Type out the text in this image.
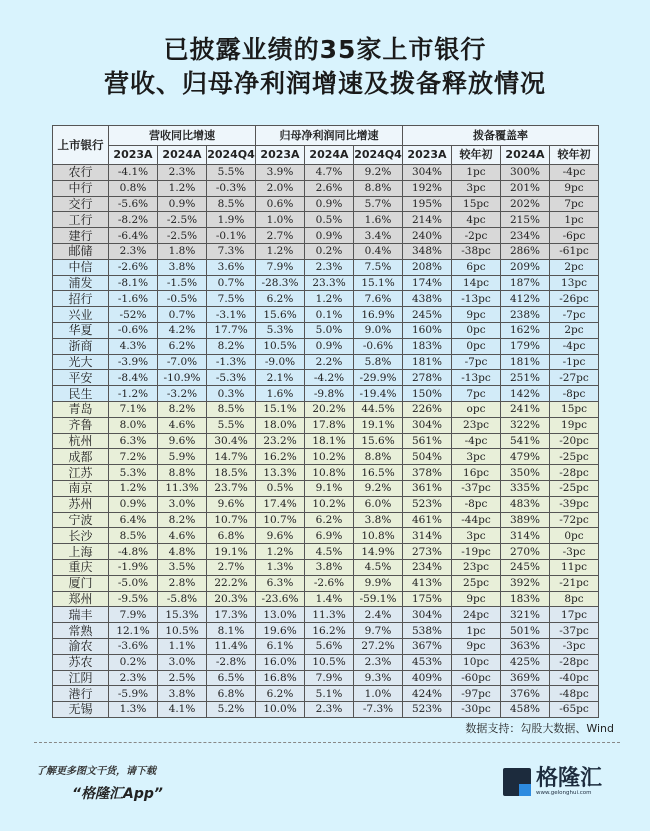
已披露业绩的35家上市银行
营收、归母净利润增速及拨备释放情况
上市银行	营收同比增速			归母净利润同比增速			拨备覆盖率			
	2023A	2024A	2024Q4	2023A	2024A	2024Q4	2023A	较年初	2024A	较年初
农行	-4.1%	2.3%	5.5%	3.9%	4.7%	9.2%	304%	1pc	300%	-4pc
中行	0.8%	1.2%	-0.3%	2.0%	2.6%	8.8%	192%	3pc	201%	9pc
交行	-5.6%	0.9%	8.5%	0.6%	0.9%	5.7%	195%	15pc	202%	7pc
工行	-8.2%	-2.5%	1.9%	1.0%	0.5%	1.6%	214%	4pc	215%	1pc
建行	-6.4%	-2.5%	-0.1%	2.7%	0.9%	3.4%	240%	-2pc	234%	-6pc
邮储	2.3%	1.8%	7.3%	1.2%	0.2%	0.4%	348%	-38pc	286%	-61pc
中信	-2.6%	3.8%	3.6%	7.9%	2.3%	7.5%	208%	6pc	209%	2pc
浦发	-8.1%	-1.5%	0.7%	-28.3%	23.3%	15.1%	174%	14pc	187%	13pc
招行	-1.6%	-0.5%	7.5%	6.2%	1.2%	7.6%	438%	-13pc	412%	-26pc
兴业	-52%	0.7%	-3.1%	15.6%	0.1%	16.9%	245%	9pc	238%	-7pc
华夏	-0.6%	4.2%	17.7%	5.3%	5.0%	9.0%	160%	0pc	162%	2pc
浙商	4.3%	6.2%	8.2%	10.5%	0.9%	-0.6%	183%	0pc	179%	-4pc
光大	-3.9%	-7.0%	-1.3%	-9.0%	2.2%	5.8%	181%	-7pc	181%	-1pc
平安	-8.4%	-10.9%	-5.3%	2.1%	-4.2%	-29.9%	278%	-13pc	251%	-27pc
民生	-1.2%	-3.2%	0.3%	1.6%	-9.8%	-19.4%	150%	7pc	142%	-8pc
青岛	7.1%	8.2%	8.5%	15.1%	20.2%	44.5%	226%	opc	241%	15pc
齐鲁	8.0%	4.6%	5.5%	18.0%	17.8%	19.1%	304%	23pc	322%	19pc
杭州	6.3%	9.6%	30.4%	23.2%	18.1%	15.6%	561%	-4pc	541%	-20pc
成都	7.2%	5.9%	14.7%	16.2%	10.2%	8.8%	504%	3pc	479%	-25pc
江苏	5.3%	8.8%	18.5%	13.3%	10.8%	16.5%	378%	16pc	350%	-28pc
南京	1.2%	11.3%	23.7%	0.5%	9.1%	9.2%	361%	-37pc	335%	-25pc
苏州	0.9%	3.0%	9.6%	17.4%	10.2%	6.0%	523%	-8pc	483%	-39pc
宁波	6.4%	8.2%	10.7%	10.7%	6.2%	3.8%	461%	-44pc	389%	-72pc
长沙	8.5%	4.6%	6.8%	9.6%	6.9%	10.8%	314%	3pc	314%	0pc
上海	-4.8%	4.8%	19.1%	1.2%	4.5%	14.9%	273%	-19pc	270%	-3pc
重庆	-1.9%	3.5%	2.7%	1.3%	3.8%	4.5%	234%	23pc	245%	11pc
厦门	-5.0%	2.8%	22.2%	6.3%	-2.6%	9.9%	413%	25pc	392%	-21pc
郑州	-9.5%	-5.8%	20.3%	-23.6%	1.4%	-59.1%	175%	9pc	183%	8pc
瑞丰	7.9%	15.3%	17.3%	13.0%	11.3%	2.4%	304%	24pc	321%	17pc
常熟	12.1%	10.5%	8.1%	19.6%	16.2%	9.7%	538%	1pc	501%	-37pc
渝农	-3.6%	1.1%	11.4%	6.1%	5.6%	27.2%	367%	9pc	363%	-3pc
苏农	0.2%	3.0%	-2.8%	16.0%	10.5%	2.3%	453%	10pc	425%	-28pc
江阴	2.3%	2.5%	6.5%	16.8%	7.9%	9.3%	409%	-60pc	369%	-40pc
港行	-5.9%	3.8%	6.8%	6.2%	5.1%	1.0%	424%	-97pc	376%	-48pc
无锡	1.3%	4.1%	5.2%	10.0%	2.3%	-7.3%	523%	-30pc	458%	-65pc
数据支持：勾股大数据、Wind
了解更多图文干货，请下载
“格隆汇App”
格隆汇
www.gelonghui.com
